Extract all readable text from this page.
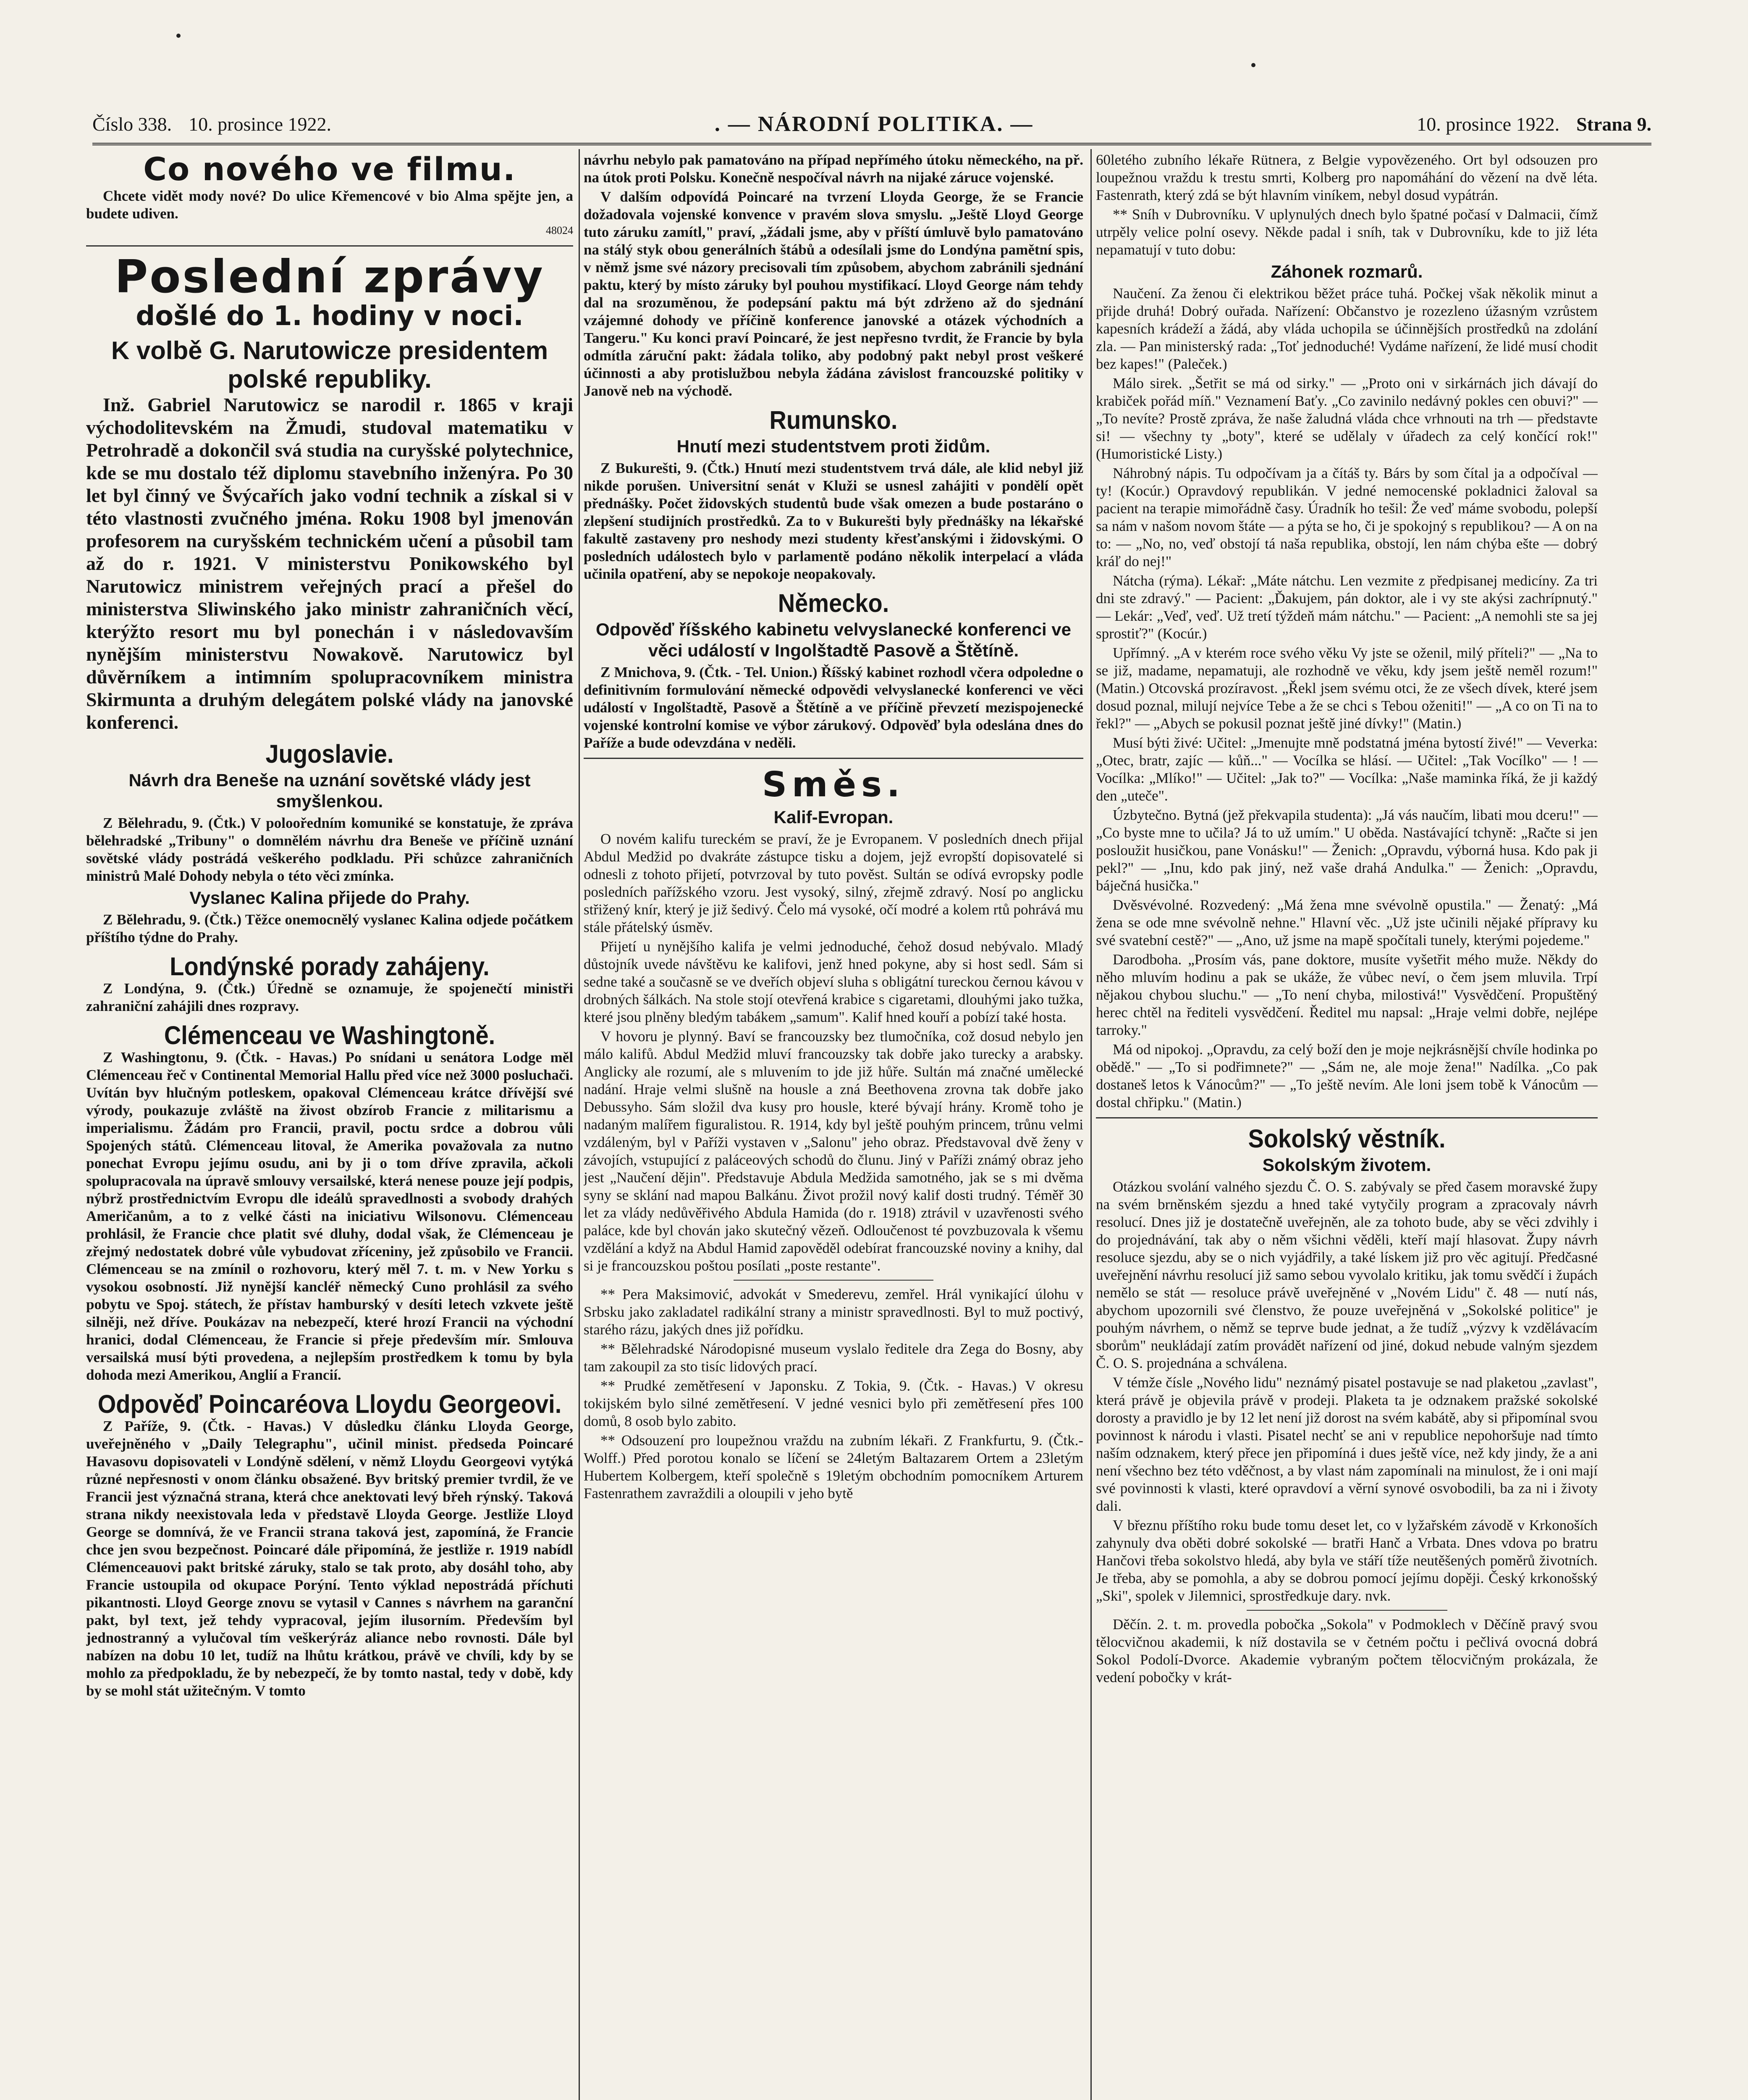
Číslo 338. 10. prosince 1922.	. — NÁRODNÍ POLITIKA. —	10. prosince 1922. Strana 9.
Co nového ve filmu.

Chcete vidět mody nové? Do ulice Křemencové v bio Alma spějte jen, a budete udiven.

48024
Poslední zprávy
došlé do 1. hodiny v noci.
K volbě G. Narutowicze presidentem polské republiky.

Inž. Gabriel Narutowicz se narodil r. 1865 v kraji východolitevském na Žmudi, studoval matematiku v Petrohradě a dokončil svá studia na curyšské polytechnice, kde se mu dostalo též diplomu stavebního inženýra. Po 30 let byl činný ve Švýcařích jako vodní technik a získal si v této vlastnosti zvučného jména. Roku 1908 byl jmenován profesorem na curyšském technickém učení a působil tam až do r. 1921. V ministerstvu Ponikowského byl Narutowicz ministrem veřejných prací a přešel do ministerstva Sliwinského jako ministr zahraničních věcí, kterýžto resort mu byl ponechán i v následovavším nynějším ministerstvu Nowakově. Narutowicz byl důvěrníkem a intimním spolupracovníkem ministra Skirmunta a druhým delegátem polské vlády na janovské konferenci.

Jugoslavie.
Návrh dra Beneše na uznání sovětské vlády jest smyšlenkou.

Z Bělehradu, 9. (Čtk.) V polooředním komuniké se konstatuje, že zpráva bělehradské „Tribuny" o domnělém návrhu dra Beneše ve příčině uznání sovětské vlády postrádá veškerého podkladu. Při schůzce zahraničních ministrů Malé Dohody nebyla o této věci zmínka.

Vyslanec Kalina přijede do Prahy.

Z Bělehradu, 9. (Čtk.) Těžce onemocnělý vyslanec Kalina odjede počátkem příštího týdne do Prahy.

Londýnské porady zahájeny.

Z Londýna, 9. (Čtk.) Úředně se oznamuje, že spojenečtí ministři zahraniční zahájili dnes rozpravy.

Clémenceau ve Washingtoně.

Z Washingtonu, 9. (Čtk. - Havas.) Po snídani u senátora Lodge měl Clémenceau řeč v Continental Memorial Hallu před více než 3000 posluchači. Uvítán byv hlučným potleskem, opakoval Clémenceau krátce dřívější své výrody, poukazuje zvláště na živost obzírob Francie z militarismu a imperialismu. Žádám pro Francii, pravil, poctu srdce a dobrou vůli Spojených států. Clémenceau litoval, že Amerika považovala za nutno ponechat Evropu jejímu osudu, ani by ji o tom dříve zpravila, ačkoli spolupracovala na úpravě smlouvy versailské, která nenese pouze její podpis, nýbrž prostřednictvím Evropu dle ideálů spravedlnosti a svobody drahých Američanům, a to z velké části na iniciativu Wilsonovu. Clémenceau prohlásil, že Francie chce platit své dluhy, dodal však, že Clémenceau je zřejmý nedostatek dobré vůle vybudovat zříceniny, jež způsobilo ve Francii. Clémenceau se na zmínil o rozhovoru, který měl 7. t. m. v New Yorku s vysokou osobností. Již nynější kancléř německý Cuno prohlásil za svého pobytu ve Spoj. státech, že přístav hamburský v desíti letech vzkvete ještě silněji, než dříve. Poukázav na nebezpečí, které hrozí Francii na východní hranici, dodal Clémenceau, že Francie si přeje především mír. Smlouva versailská musí býti provedena, a nejlepším prostředkem k tomu by byla dohoda mezi Amerikou, Anglií a Francií.

Odpověď Poincaréova Lloydu Georgeovi.

Z Paříže, 9. (Čtk. - Havas.) V důsledku článku Lloyda George, uveřejněného v „Daily Telegraphu", učinil minist. předseda Poincaré Havasovu dopisovateli v Londýně sdělení, v němž Lloydu Georgeovi vytýká různé nepřesnosti v onom článku obsažené. Byv britský premier tvrdil, že ve Francii jest význačná strana, která chce anektovati levý břeh rýnský. Taková strana nikdy neexistovala leda v představě Lloyda George. Jestliže Lloyd George se domnívá, že ve Francii strana taková jest, zapomíná, že Francie chce jen svou bezpečnost. Poincaré dále připomíná, že jestliže r. 1919 nabídl Clémenceauovi pakt britské záruky, stalo se tak proto, aby dosáhl toho, aby Francie ustoupila od okupace Porýní. Tento výklad nepostrádá příchuti pikantnosti. Lloyd George znovu se vytasil v Cannes s návrhem na garanční pakt, byl text, jež tehdy vypracoval, jejím ilusorním. Především byl jednostranný a vylučoval tím veškerýráz aliance nebo rovnosti. Dále byl nabízen na dobu 10 let, tudíž na lhůtu krátkou, právě ve chvíli, kdy by se mohlo za předpokladu, že by nebezpečí, že by tomto nastal, tedy v době, kdy by se mohl stát užitečným. V tomto

návrhu nebylo pak pamatováno na případ nepřímého útoku německého, na př. na útok proti Polsku. Konečně nespočíval návrh na nijaké záruce vojenské.

V dalším odpovídá Poincaré na tvrzení Lloyda George, že se Francie dožadovala vojenské konvence v pravém slova smyslu. „Ještě Lloyd George tuto záruku zamítl," praví, „žádali jsme, aby v příští úmluvě bylo pamatováno na stálý styk obou generálních štábů a odesílali jsme do Londýna pamětní spis, v němž jsme své názory precisovali tím způsobem, abychom zabránili sjednání paktu, který by místo záruky byl pouhou mystifikací. Lloyd George nám tehdy dal na srozuměnou, že podepsání paktu má být zdrženo až do sjednání vzájemné dohody ve příčině konference janovské a otázek východních a Tangeru." Ku konci praví Poincaré, že jest nepřesno tvrdit, že Francie by byla odmítla záruční pakt: žádala toliko, aby podobný pakt nebyl prost veškeré účinnosti a aby protislužbou nebyla žádána závislost francouzské politiky v Janově neb na východě.

Rumunsko.
Hnutí mezi studentstvem proti židům.

Z Bukurešti, 9. (Čtk.) Hnutí mezi studentstvem trvá dále, ale klid nebyl již nikde porušen. Universitní senát v Kluži se usnesl zahájiti v pondělí opět přednášky. Počet židovských studentů bude však omezen a bude postaráno o zlepšení studijních prostředků. Za to v Bukurešti byly přednášky na lékařské fakultě zastaveny pro neshody mezi studenty křesťanskými i židovskými. O posledních událostech bylo v parlamentě podáno několik interpelací a vláda učinila opatření, aby se nepokoje neopakovaly.

Německo.
Odpověď říšského kabinetu velvyslanecké konferenci ve věci událostí v Ingolštadtě Pasově a Štětíně.

Z Mnichova, 9. (Čtk. - Tel. Union.) Říšský kabinet rozhodl včera odpoledne o definitivním formulování německé odpovědi velvyslanecké konferenci ve věci událostí v Ingolštadtě, Pasově a Štětíně a ve příčině převzetí mezispojenecké vojenské kontrolní komise ve výbor zárukový. Odpověď byla odeslána dnes do Paříže a bude odevzdána v neděli.

Směs.
Kalif-Evropan.

O novém kalifu tureckém se praví, že je Evropanem. V posledních dnech přijal Abdul Medžid po dvakráte zástupce tisku a dojem, jejž evropští dopisovatelé si odnesli z tohoto přijetí, potvrzoval by tuto pověst. Sultán se odívá evropsky podle posledních pařížského vzoru. Jest vysoký, silný, zřejmě zdravý. Nosí po anglicku střižený knír, který je již šedivý. Čelo má vysoké, očí modré a kolem rtů pohrává mu stále přátelský úsměv.

Přijetí u nynějšího kalifa je velmi jednoduché, čehož dosud nebývalo. Mladý důstojník uvede návštěvu ke kalifovi, jenž hned pokyne, aby si host sedl. Sám si sedne také a současně se ve dveřích objeví sluha s obligátní tureckou černou kávou v drobných šálkách. Na stole stojí otevřená krabice s cigaretami, dlouhými jako tužka, které jsou plněny bledým tabákem „samum". Kalif hned kouří a pobízí také hosta.

V hovoru je plynný. Baví se francouzsky bez tlumočníka, což dosud nebylo jen málo kalifů. Abdul Medžid mluví francouzsky tak dobře jako turecky a arabsky. Anglicky ale rozumí, ale s mluvením to jde již hůře. Sultán má značné umělecké nadání. Hraje velmi slušně na housle a zná Beethovena zrovna tak dobře jako Debussyho. Sám složil dva kusy pro housle, které bývají hrány. Kromě toho je nadaným malířem figuralistou. R. 1914, kdy byl ještě pouhým princem, trůnu velmi vzdáleným, byl v Paříži vystaven v „Salonu" jeho obraz. Představoval dvě ženy v závojích, vstupující z paláceových schodů do člunu. Jiný v Paříži známý obraz jeho jest „Naučení dějin". Představuje Abdula Medžida samotného, jak se s mi dvěma syny se sklání nad mapou Balkánu. Život prožil nový kalif dosti trudný. Téměř 30 let za vlády nedůvěřivého Abdula Hamida (do r. 1918) ztrávil v uzavřenosti svého paláce, kde byl chován jako skutečný vězeň. Odloučenost té povzbuzovala k všemu vzdělání a když na Abdul Hamid zapověděl odebírat francouzské noviny a knihy, dal si je francouzskou poštou posílati „poste restante".

** Pera Maksimović, advokát v Smederevu, zemřel. Hrál vynikající úlohu v Srbsku jako zakladatel radikální strany a ministr spravedlnosti. Byl to muž poctivý, starého rázu, jakých dnes již pořídku.

** Bělehradské Národopisné museum vyslalo ředitele dra Zega do Bosny, aby tam zakoupil za sto tisíc lidových prací.

** Prudké zemětřesení v Japonsku. Z Tokia, 9. (Čtk. - Havas.) V okresu tokijském bylo silné zemětřesení. V jedné vesnici bylo při zemětřesení přes 100 domů, 8 osob bylo zabito.

** Odsouzení pro loupežnou vraždu na zubním lékaři. Z Frankfurtu, 9. (Čtk.-Wolff.) Před porotou konalo se líčení se 24letým Baltazarem Ortem a 23letým Hubertem Kolbergem, kteří společně s 19letým obchodním pomocníkem Arturem Fastenrathem zavraždili a oloupili v jeho bytě

60letého zubního lékaře Rütnera, z Belgie vypovězeného. Ort byl odsouzen pro loupežnou vraždu k trestu smrti, Kolberg pro napomáhání do vězení na dvě léta. Fastenrath, který zdá se být hlavním viníkem, nebyl dosud vypátrán.

** Sníh v Dubrovníku. V uplynulých dnech bylo špatné počasí v Dalmacii, čímž utrpěly velice polní osevy. Někde padal i sníh, tak v Dubrovníku, kde to již léta nepamatují v tuto dobu:

Záhonek rozmarů.

Naučení. Za ženou či elektrikou běžet práce tuhá. Počkej však několik minut a přijde druhá! Dobrý ouřada. Nařízení: Občanstvo je rozezleno úžasným vzrůstem kapesních krádeží a žádá, aby vláda uchopila se účinnějších prostředků na zdolání zla. — Pan ministerský rada: „Toť jednoduché! Vydáme nařízení, že lidé musí chodit bez kapes!" (Paleček.)

Málo sirek. „Šetřit se má od sirky." — „Proto oni v sirkárnách jich dávají do krabiček pořád míň." Veznamení Baťy. „Co zavinilo nedávný pokles cen obuvi?" — „To nevíte? Prostě zpráva, že naše žaludná vláda chce vrhnouti na trh — představte si! — všechny ty „boty", které se udělaly v úřadech za celý končící rok!" (Humoristické Listy.)

Náhrobný nápis. Tu odpočívam ja a čítáš ty. Bárs by som čítal ja a odpočíval — ty! (Kocúr.) Opravdový republikán. V jedné nemocenské pokladnici žaloval sa pacient na terapie mimořádně časy. Úradník ho tešil: Že veď máme svobodu, polepší sa nám v našom novom štáte — a pýta se ho, či je spokojný s republikou? — A on na to: — „No, no, veď obstojí tá naša republika, obstojí, len nám chýba ešte — dobrý kráľ do nej!"

Nátcha (rýma). Lékař: „Máte nátchu. Len vezmite z předpisanej medicíny. Za tri dni ste zdravý." — Pacient: „Ďakujem, pán doktor, ale i vy ste akýsi zachrípnutý." — Lekár: „Veď, veď. Už tretí týždeň mám nátchu." — Pacient: „A nemohli ste sa jej sprostiť?" (Kocúr.)

Upřímný. „A v kterém roce svého věku Vy jste se oženil, milý příteli?" — „Na to se již, madame, nepamatuji, ale rozhodně ve věku, kdy jsem ještě neměl rozum!" (Matin.) Otcovská prozíravost. „Řekl jsem svému otci, že ze všech dívek, které jsem dosud poznal, milují nejvíce Tebe a že se chci s Tebou oženiti!" — „A co on Ti na to řekl?" — „Abych se pokusil poznat ještě jiné dívky!" (Matin.)

Musí býti živé: Učitel: „Jmenujte mně podstatná jména bytostí živé!" — Veverka: „Otec, bratr, zajíc — kůň..." — Vocílka se hlásí. — Učitel: „Tak Vocílko" — ! — Vocílka: „Mlíko!" — Učitel: „Jak to?" — Vocílka: „Naše maminka říká, že ji každý den „uteče".

Úzbytečno. Bytná (jež překvapila studenta): „Já vás naučím, libati mou dceru!" — „Co byste mne to učila? Já to už umím." U oběda. Nastávající tchyně: „Račte si jen posloužit husičkou, pane Vonásku!" — Ženich: „Opravdu, výborná husa. Kdo pak ji pekl?" — „Inu, kdo pak jiný, než vaše drahá Andulka." — Ženich: „Opravdu, báječná husička."

Dvěsvévolné. Rozvedený: „Má žena mne svévolně opustila." — Ženatý: „Má žena se ode mne svévolně nehne." Hlavní věc. „Už jste učinili nějaké přípravy ku své svatební cestě?" — „Ano, už jsme na mapě spočítali tunely, kterými pojedeme."

Darodboha. „Prosím vás, pane doktore, musíte vyšetřit mého muže. Někdy do něho mluvím hodinu a pak se ukáže, že vůbec neví, o čem jsem mluvila. Trpí nějakou chybou sluchu." — „To není chyba, milostivá!" Vysvědčení. Propuštěný herec chtěl na řediteli vysvědčení. Ředitel mu napsal: „Hraje velmi dobře, nejlépe tarroky."

Má od nipokoj. „Opravdu, za celý boží den je moje nejkrásnější chvíle hodinka po obědě." — „To si podřimnete?" — „Sám ne, ale moje žena!" Nadílka. „Co pak dostaneš letos k Vánocům?" — „To ještě nevím. Ale loni jsem tobě k Vánocům — dostal chřipku." (Matin.)

Sokolský věstník.
Sokolským životem.

Otázkou svolání valného sjezdu Č. O. S. zabývaly se před časem moravské župy na svém brněnském sjezdu a hned také vytyčily program a zpracovaly návrh resolucí. Dnes již je dostatečně uveřejněn, ale za tohoto bude, aby se věci zdvihly i do projednávání, tak aby o něm všichni věděli, kteří mají hlasovat. Župy návrh resoluce sjezdu, aby se o nich vyjádřily, a také lískem již pro věc agitují. Předčasné uveřejnění návrhu resolucí již samo sebou vyvolalo kritiku, jak tomu svědčí i župách nemělo se stát — resoluce právě uveřejněné v „Novém Lidu" č. 48 — nutí nás, abychom upozornili své členstvo, že pouze uveřejněná v „Sokolské politice" je pouhým návrhem, o němž se teprve bude jednat, a že tudíž „výzvy k vzdělávacím sborům" neukládají zatím provádět nařízení od jiné, dokud nebude valným sjezdem Č. O. S. projednána a schválena.

V témže čísle „Nového lidu" neznámý pisatel postavuje se nad plaketou „zavlast", která právě je objevila právě v prodeji. Plaketa ta je odznakem pražské sokolské dorosty a pravidlo je by 12 let není již dorost na svém kabátě, aby si připomínal svou povinnost k národu i vlasti. Pisatel nechť se ani v republice nepohoršuje nad tímto naším odznakem, který přece jen připomíná i dues ještě více, než kdy jindy, že a ani není všechno bez této vděčnost, a by vlast nám zapomínali na minulost, že i oni mají své povinnosti k vlasti, které opravdoví a věrní synové osvobodili, ba za ni i životy dali.

V březnu příštího roku bude tomu deset let, co v lyžařském závodě v Krkonoších zahynuly dva oběti dobré sokolské — bratři Hanč a Vrbata. Dnes vdova po bratru Hančovi třeba sokolstvo hledá, aby byla ve stáří tíže neutěšených poměrů životních. Je třeba, aby se pomohla, a aby se dobrou pomocí jejímu dopěji. Český krkonošský „Ski", spolek v Jilemnici, sprostředkuje dary. nvk.

Děčín. 2. t. m. provedla pobočka „Sokola" v Podmoklech v Děčíně pravý svou tělocvičnou akademii, k níž dostavila se v četném počtu i pečlivá ovocná dobrá Sokol Podolí-Dvorce. Akademie vybraným počtem tělocvičným prokázala, že vedení pobočky v krát-
